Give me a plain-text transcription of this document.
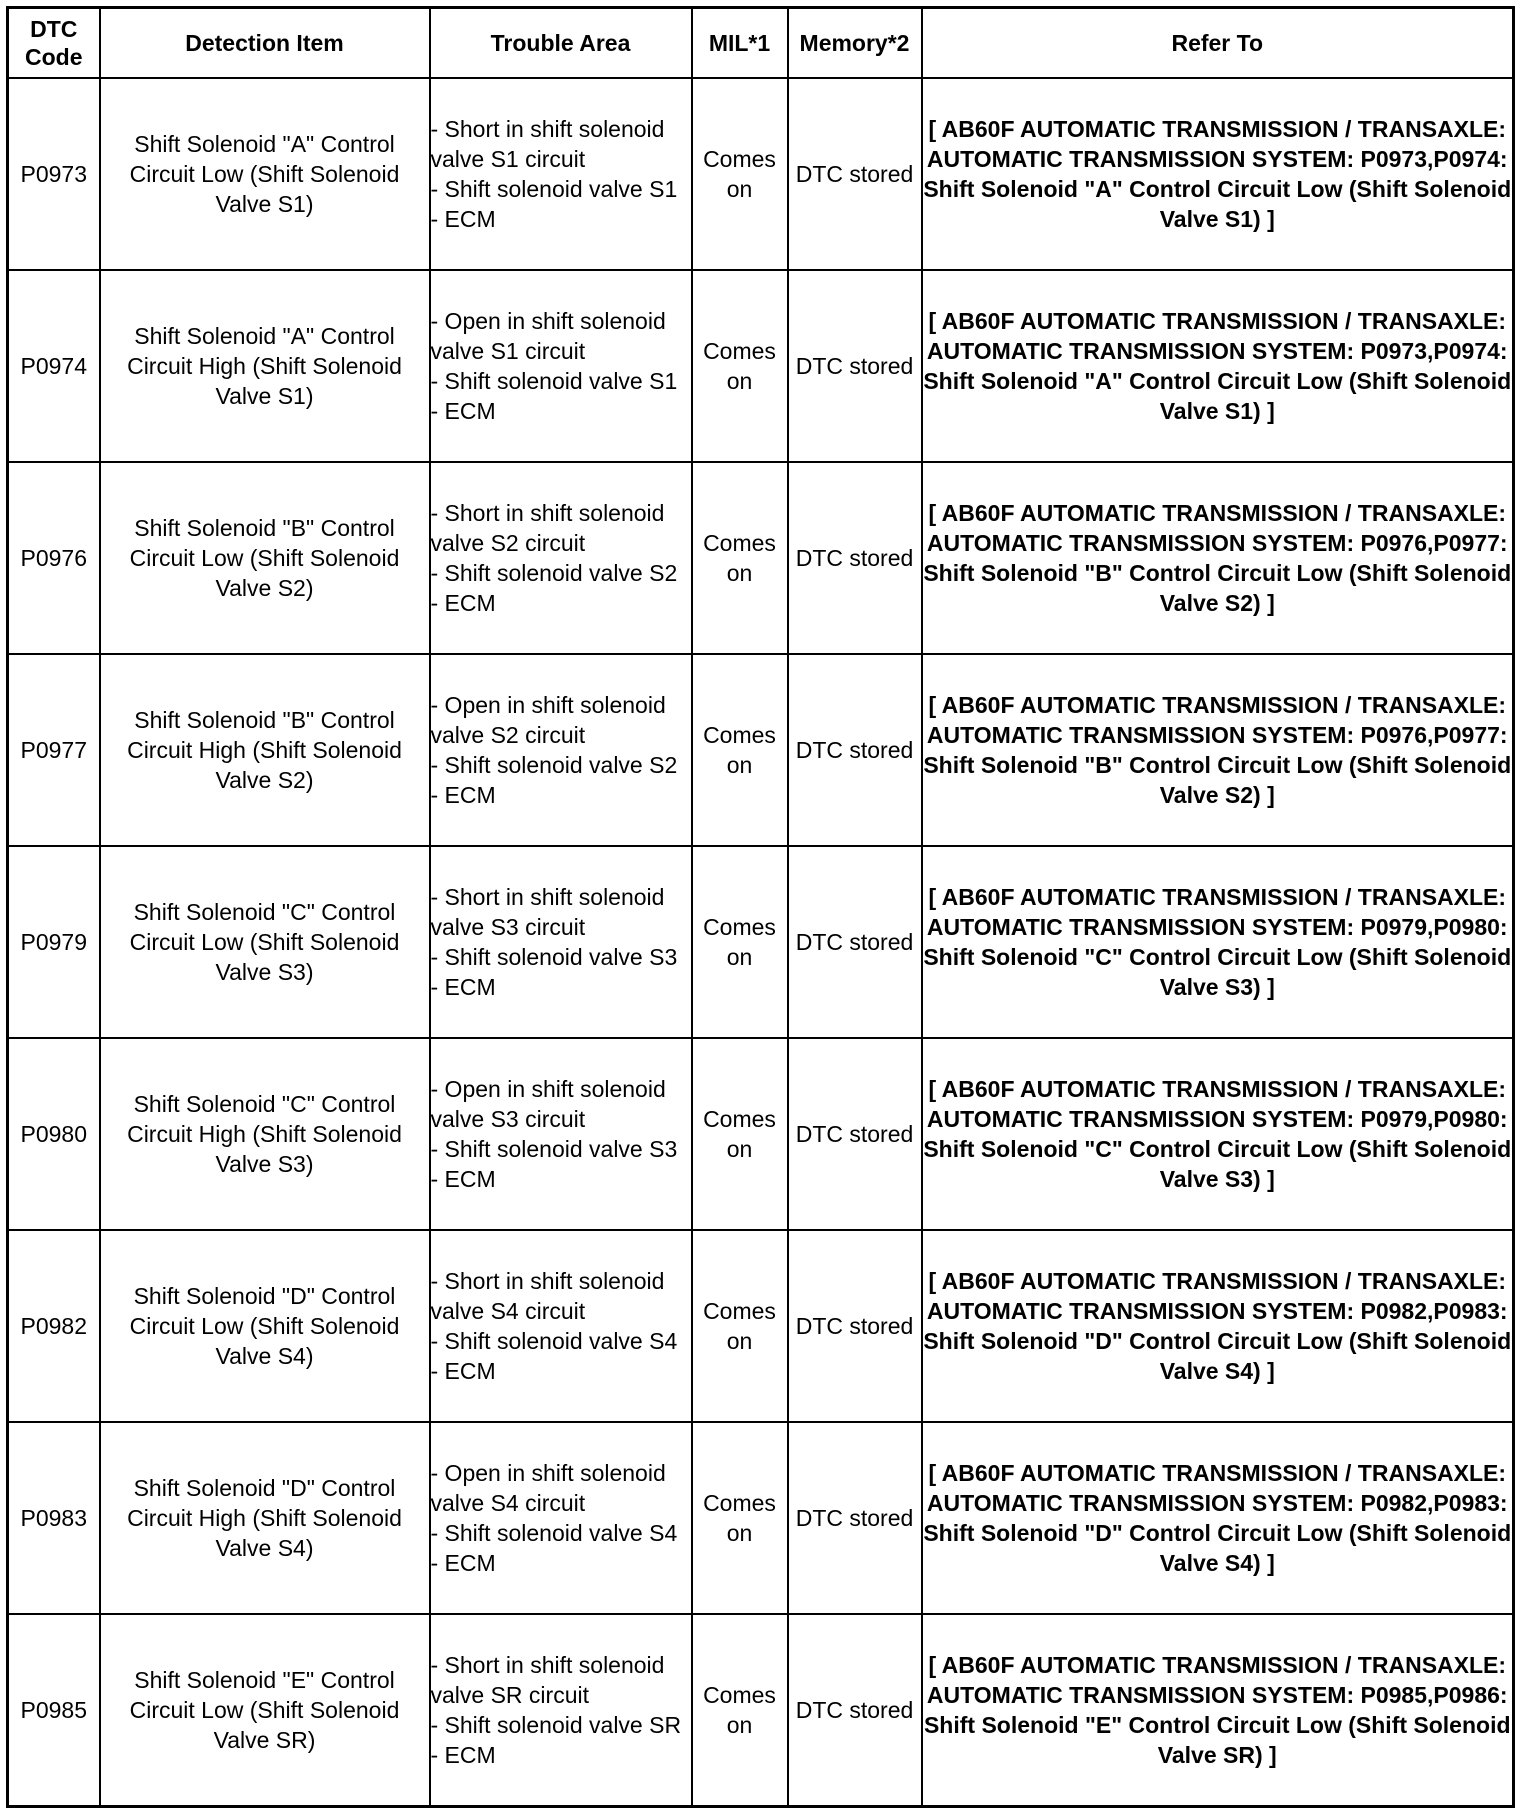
DTC Code	Detection Item	Trouble Area	MIL*1	Memory*2	Refer To
P0973	Shift Solenoid "A" Control Circuit Low (Shift Solenoid Valve S1)	- Short in shift solenoid valve S1 circuit
- Shift solenoid valve S1
- ECM	Comes on	DTC stored	[ AB60F AUTOMATIC TRANSMISSION / TRANSAXLE: AUTOMATIC TRANSMISSION SYSTEM: P0973,P0974: Shift Solenoid "A" Control Circuit Low (Shift Solenoid Valve S1) ]
P0974	Shift Solenoid "A" Control Circuit High (Shift Solenoid Valve S1)	- Open in shift solenoid valve S1 circuit
- Shift solenoid valve S1
- ECM	Comes on	DTC stored	[ AB60F AUTOMATIC TRANSMISSION / TRANSAXLE: AUTOMATIC TRANSMISSION SYSTEM: P0973,P0974: Shift Solenoid "A" Control Circuit Low (Shift Solenoid Valve S1) ]
P0976	Shift Solenoid "B" Control Circuit Low (Shift Solenoid Valve S2)	- Short in shift solenoid valve S2 circuit
- Shift solenoid valve S2
- ECM	Comes on	DTC stored	[ AB60F AUTOMATIC TRANSMISSION / TRANSAXLE: AUTOMATIC TRANSMISSION SYSTEM: P0976,P0977: Shift Solenoid "B" Control Circuit Low (Shift Solenoid Valve S2) ]
P0977	Shift Solenoid "B" Control Circuit High (Shift Solenoid Valve S2)	- Open in shift solenoid valve S2 circuit
- Shift solenoid valve S2
- ECM	Comes on	DTC stored	[ AB60F AUTOMATIC TRANSMISSION / TRANSAXLE: AUTOMATIC TRANSMISSION SYSTEM: P0976,P0977: Shift Solenoid "B" Control Circuit Low (Shift Solenoid Valve S2) ]
P0979	Shift Solenoid "C" Control Circuit Low (Shift Solenoid Valve S3)	- Short in shift solenoid valve S3 circuit
- Shift solenoid valve S3
- ECM	Comes on	DTC stored	[ AB60F AUTOMATIC TRANSMISSION / TRANSAXLE: AUTOMATIC TRANSMISSION SYSTEM: P0979,P0980: Shift Solenoid "C" Control Circuit Low (Shift Solenoid Valve S3) ]
P0980	Shift Solenoid "C" Control Circuit High (Shift Solenoid Valve S3)	- Open in shift solenoid valve S3 circuit
- Shift solenoid valve S3
- ECM	Comes on	DTC stored	[ AB60F AUTOMATIC TRANSMISSION / TRANSAXLE: AUTOMATIC TRANSMISSION SYSTEM: P0979,P0980: Shift Solenoid "C" Control Circuit Low (Shift Solenoid Valve S3) ]
P0982	Shift Solenoid "D" Control Circuit Low (Shift Solenoid Valve S4)	- Short in shift solenoid valve S4 circuit
- Shift solenoid valve S4
- ECM	Comes on	DTC stored	[ AB60F AUTOMATIC TRANSMISSION / TRANSAXLE: AUTOMATIC TRANSMISSION SYSTEM: P0982,P0983: Shift Solenoid "D" Control Circuit Low (Shift Solenoid Valve S4) ]
P0983	Shift Solenoid "D" Control Circuit High (Shift Solenoid Valve S4)	- Open in shift solenoid valve S4 circuit
- Shift solenoid valve S4
- ECM	Comes on	DTC stored	[ AB60F AUTOMATIC TRANSMISSION / TRANSAXLE: AUTOMATIC TRANSMISSION SYSTEM: P0982,P0983: Shift Solenoid "D" Control Circuit Low (Shift Solenoid Valve S4) ]
P0985	Shift Solenoid "E" Control Circuit Low (Shift Solenoid Valve SR)	- Short in shift solenoid valve SR circuit
- Shift solenoid valve SR
- ECM	Comes on	DTC stored	[ AB60F AUTOMATIC TRANSMISSION / TRANSAXLE: AUTOMATIC TRANSMISSION SYSTEM: P0985,P0986: Shift Solenoid "E" Control Circuit Low (Shift Solenoid Valve SR) ]
